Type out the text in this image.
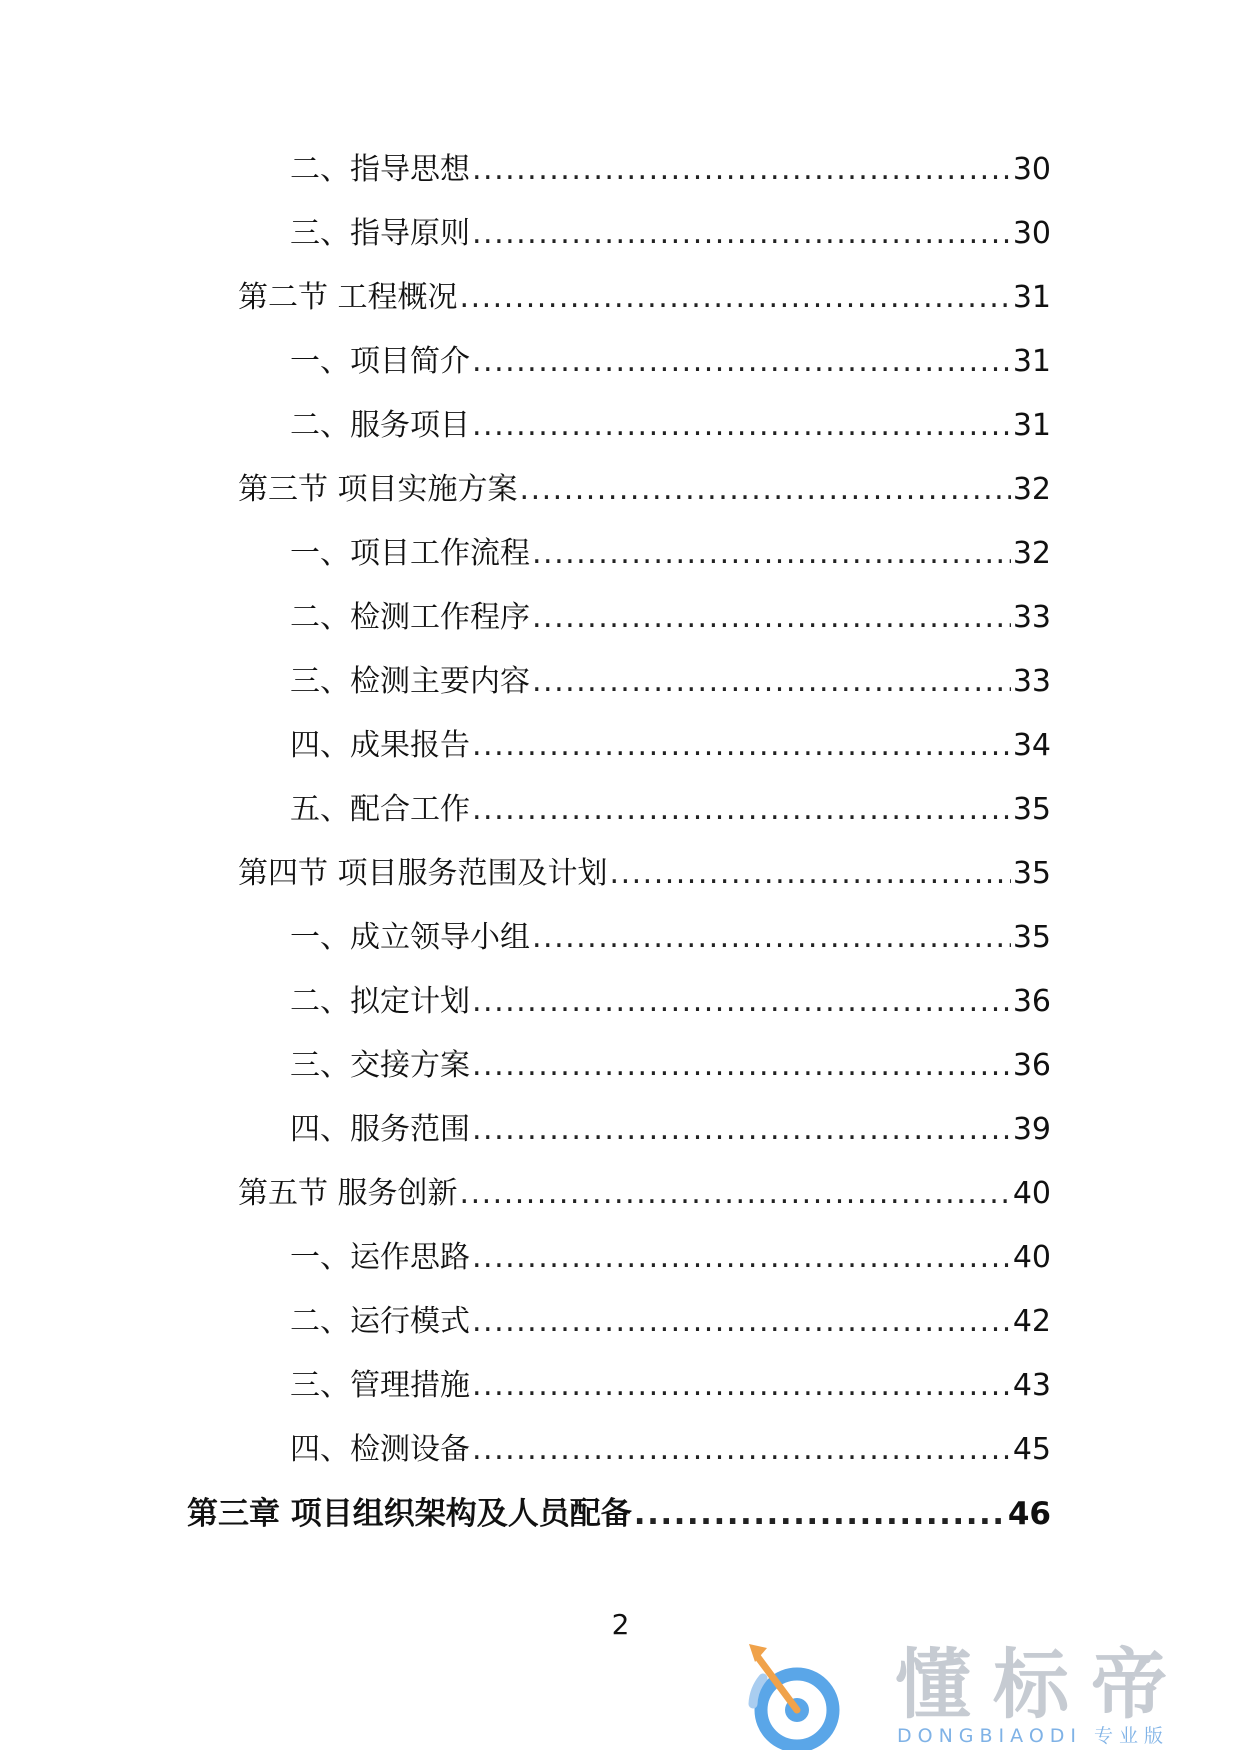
二、指导思想 .....	30
三、指导原则 .....	30
第二节 工程概况 .....	31
一、项目简介 .....	31
二、服务项目 .....	31
第三节 项目实施方案 .....	32
一、项目工作流程 .....	32
二、检测工作程序 .....	33
三、检测主要内容 .....	33
四、成果报告 .....	34
五、配合工作 .....	35
第四节 项目服务范围及计划 .....	35
一、成立领导小组 .....	35
二、拟定计划 .....	36
三、交接方案 .....	36
四、服务范围 .....	39
第五节 服务创新 .....	40
一、运作思路 .....	40
二、运行模式 .....	42
三、管理措施 .....	43
四、检测设备 .....	45
第三章 项目组织架构及人员配备 .....	46
2
懂标帝
DONGBIAODI 专业版
